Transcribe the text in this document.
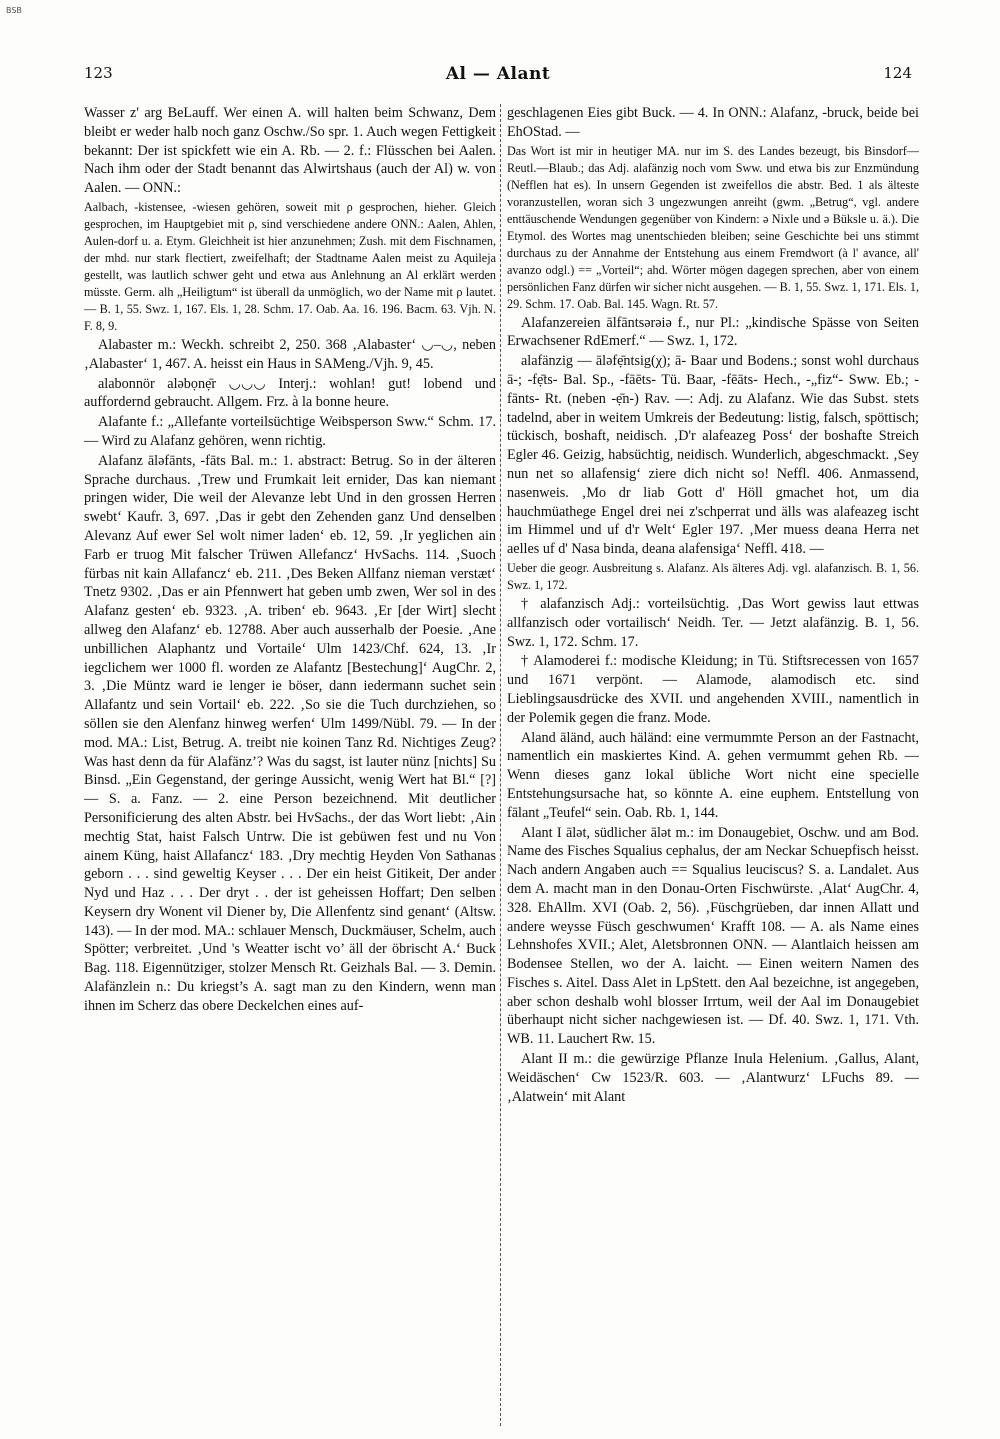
BSB
123	Al — Alant	124

Wasser z' arg BeLauff. Wer einen A. will halten beim Schwanz, Dem bleibt er weder halb noch ganz Oschw./So spr. 1. Auch wegen Fettigkeit bekannt: Der ist spickfett wie ein A. Rb. — 2. f.: Flüsschen bei Aalen. Nach ihm oder der Stadt benannt das Alwirtshaus (auch der Al) w. von Aalen. — ONN.:

Aalbach, -kistensee, -wiesen gehören, soweit mit ρ gesprochen, hieher. Gleich gesprochen, im Hauptgebiet mit ρ, sind verschiedene andere ONN.: Aalen, Ahlen, Aulen-dorf u. a. Etym. Gleichheit ist hier anzunehmen; Zush. mit dem Fischnamen, der mhd. nur stark flectiert, zweifelhaft; der Stadtname Aalen meist zu Aquileja gestellt, was lautlich schwer geht und etwa aus Anlehnung an Al erklärt werden müsste. Germ. alh „Heiligtum“ ist überall da unmöglich, wo der Name mit ρ lautet. — B. 1, 55. Swz. 1, 167. Els. 1, 28. Schm. 17. Oab. Aa. 16. 196. Bacm. 63. Vjh. N. F. 8, 9.

Alabaster m.: Weckh. schreibt 2, 250. 368 ‚Alabaster‘ ◡–◡, neben ‚Alabaster‘ 1, 467. A. heisst ein Haus in SAMeng./Vjh. 9, 45.

alabonnör aləbọnẹ̄r ◡◡◡ Interj.: wohlan! gut! lobend und auffordernd gebraucht. Allgem. Frz. à la bonne heure.

Alafante f.: „Allefante vorteilsüchtige Weibsperson Sww.“ Schm. 17. — Wird zu Alafanz gehören, wenn richtig.

Alafanz āləfānts, -fāts Bal. m.: 1. abstract: Betrug. So in der älteren Sprache durchaus. ‚Trew und Frumkait leit ernider, Das kan niemant pringen wider, Die weil der Alevanze lebt Und in den grossen Herren swebt‘ Kaufr. 3, 697. ‚Das ir gebt den Zehenden ganz Und denselben Alevanz Auf ewer Sel wolt nimer laden‘ eb. 12, 59. ‚Ir yeglichen ain Farb er truog Mit falscher Trüwen Allefancz‘ HvSachs. 114. ‚Suoch fürbas nit kain Allafancz‘ eb. 211. ‚Des Beken Allfanz nieman verstæt‘ Tnetz 9302. ‚Das er ain Pfennwert hat geben umb zwen, Wer sol in des Alafanz gesten‘ eb. 9323. ‚A. triben‘ eb. 9643. ‚Er [der Wirt] slecht allweg den Alafanz‘ eb. 12788. Aber auch ausserhalb der Poesie. ‚Ane unbillichen Alaphantz und Vortaile‘ Ulm 1423/Chf. 624, 13. ‚Ir iegclichem wer 1000 fl. worden ze Alafantz [Bestechung]‘ AugChr. 2, 3. ‚Die Müntz ward ie lenger ie böser, dann iedermann suchet sein Allafantz und sein Vortail‘ eb. 222. ‚So sie die Tuch durchziehen, so söllen sie den Alenfanz hinweg werfen‘ Ulm 1499/Nübl. 79. — In der mod. MA.: List, Betrug. A. treibt nie koinen Tanz Rd. Nichtiges Zeug? Was hast denn da für Alafänz’? Was du sagst, ist lauter nünz [nichts] Su Binsd. „Ein Gegenstand, der geringe Aussicht, wenig Wert hat Bl.“ [?] — S. a. Fanz. — 2. eine Person bezeichnend. Mit deutlicher Personificierung des alten Abstr. bei HvSachs., der das Wort liebt: ‚Ain mechtig Stat, haist Falsch Untrw. Die ist gebüwen fest und nu Von ainem Küng, haist Allafancz‘ 183. ‚Dry mechtig Heyden Von Sathanas geborn . . . sind geweltig Keyser . . . Der ein heist Gitikeit, Der ander Nyd und Haz . . . Der dryt . . der ist geheissen Hoffart; Den selben Keysern dry Wonent vil Diener by, Die Allenfentz sind genant‘ (Altsw. 143). — In der mod. MA.: schlauer Mensch, Duckmäuser, Schelm, auch Spötter; verbreitet. ‚Und 's Weatter ischt vo’ äll der öbrischt A.‘ Buck Bag. 118. Eigennütziger, stolzer Mensch Rt. Geizhals Bal. — 3. Demin. Alafänzlein n.: Du kriegst’s A. sagt man zu den Kindern, wenn man ihnen im Scherz das obere Deckelchen eines auf-

geschlagenen Eies gibt Buck. — 4. In ONN.: Alafanz, -bruck, beide bei EhOStad. —

Das Wort ist mir in heutiger MA. nur im S. des Landes bezeugt, bis Binsdorf— Reutl.—Blaub.; das Adj. alafänzig noch vom Sww. und etwa bis zur Enzmündung (Nefflen hat es). In unsern Gegenden ist zweifellos die abstr. Bed. 1 als älteste voranzustellen, woran sich 3 ungezwungen anreiht (gwm. „Betrug“, vgl. andere enttäuschende Wendungen gegenüber von Kindern: ə Nixle und ə Büksle u. ä.). Die Etymol. des Wortes mag unentschieden bleiben; seine Geschichte bei uns stimmt durchaus zu der Annahme der Entstehung aus einem Fremdwort (à l' avance, all' avanzo odgl.) == „Vorteil“; ahd. Wörter mögen dagegen sprechen, aber von einem persönlichen Fanz dürfen wir sicher nicht ausgehen. — B. 1, 55. Swz. 1, 171. Els. 1, 29. Schm. 17. Oab. Bal. 145. Wagn. Rt. 57.

Alafanzereien ālfāntsərəiə f., nur Pl.: „kindische Spässe von Seiten Erwachsener RdEmerf.“ — Swz. 1, 172.

alafänzig — āləfẹ̄ntsig(χ); ā- Baar und Bodens.; sonst wohl durchaus ā-; -fẹ̄ts- Bal. Sp., -fāēts- Tü. Baar, -fēāts- Hech., -„fiz“- Sww. Eb.; -fānts- Rt. (neben -ẹ̄n-) Rav. —: Adj. zu Alafanz. Wie das Subst. stets tadelnd, aber in weitem Umkreis der Bedeutung: listig, falsch, spöttisch; tückisch, boshaft, neidisch. ‚D'r alafeazeg Poss‘ der boshafte Streich Egler 46. Geizig, habsüchtig, neidisch. Wunderlich, abgeschmackt. ‚Sey nun net so allafensig‘ ziere dich nicht so! Neffl. 406. Anmassend, nasenweis. ‚Mo dr liab Gott d' Höll gmachet hot, um dia hauchmüathege Engel drei nei z'schperrat und älls was alafeazeg ischt im Himmel und uf d'r Welt‘ Egler 197. ‚Mer muess deana Herra net aelles uf d' Nasa binda, deana alafensiga‘ Neffl. 418. —

Ueber die geogr. Ausbreitung s. Alafanz. Als älteres Adj. vgl. alafanzisch. B. 1, 56. Swz. 1, 172.

† alafanzisch Adj.: vorteilsüchtig. ‚Das Wort gewiss laut ettwas allfanzisch oder vortailisch‘ Neidh. Ter. — Jetzt alafänzig. B. 1, 56. Swz. 1, 172. Schm. 17.

† Alamoderei f.: modische Kleidung; in Tü. Stiftsrecessen von 1657 und 1671 verpönt. — Alamode, alamodisch etc. sind Lieblingsausdrücke des XVII. und angehenden XVIII., namentlich in der Polemik gegen die franz. Mode.

Aland āländ, auch häländ: eine vermummte Person an der Fastnacht, namentlich ein maskiertes Kind. A. gehen vermummt gehen Rb. — Wenn dieses ganz lokal übliche Wort nicht eine specielle Entstehungsursache hat, so könnte A. eine euphem. Entstellung von fālant „Teufel“ sein. Oab. Rb. 1, 144.

Alant I ālət, südlicher ālət m.: im Donaugebiet, Oschw. und am Bod. Name des Fisches Squalius cephalus, der am Neckar Schuepfisch heisst. Nach andern Angaben auch == Squalius leuciscus? S. a. Landalet. Aus dem A. macht man in den Donau-Orten Fischwürste. ‚Alat‘ AugChr. 4, 328. EhAllm. XVI (Oab. 2, 56). ‚Füschgrüeben, dar innen Allatt und andere weysse Füsch geschwumen‘ Krafft 108. — A. als Name eines Lehnshofes XVII.; Alet, Aletsbronnen ONN. — Alantlaich heissen am Bodensee Stellen, wo der A. laicht. — Einen weitern Namen des Fisches s. Aitel. Dass Alet in LpStett. den Aal bezeichne, ist angegeben, aber schon deshalb wohl blosser Irrtum, weil der Aal im Donaugebiet überhaupt nicht sicher nachgewiesen ist. — Df. 40. Swz. 1, 171. Vth. WB. 11. Lauchert Rw. 15.

Alant II m.: die gewürzige Pflanze Inula Helenium. ‚Gallus, Alant, Weidäschen‘ Cw 1523/R. 603. — ‚Alantwurz‘ LFuchs 89. — ‚Alatwein‘ mit Alant
